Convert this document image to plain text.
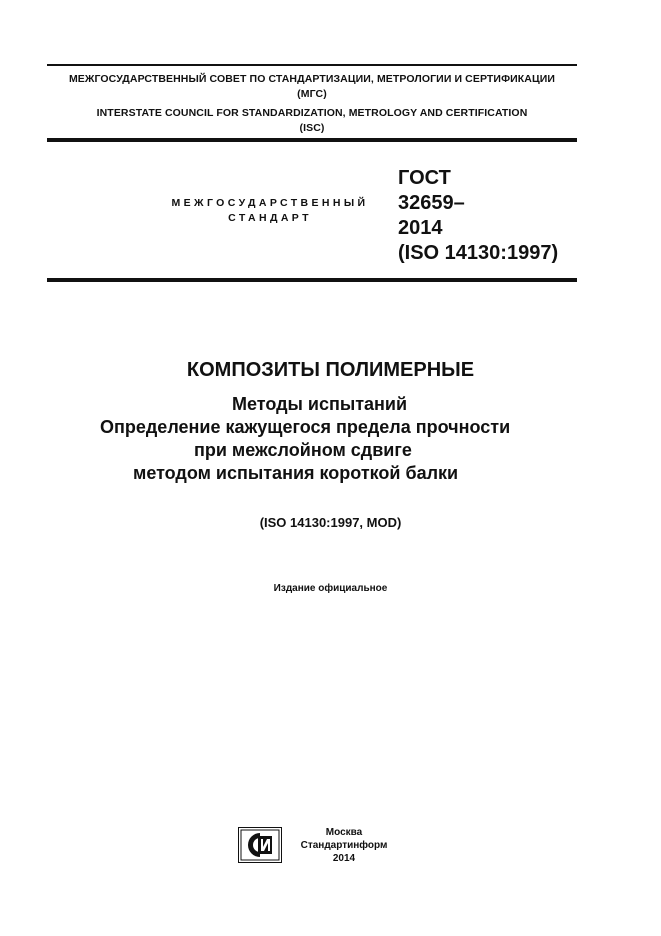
МЕЖГОСУДАРСТВЕННЫЙ СОВЕТ ПО СТАНДАРТИЗАЦИИ, МЕТРОЛОГИИ И СЕРТИФИКАЦИИ
(МГС)
INTERSTATE COUNCIL FOR STANDARDIZATION, METROLOGY AND CERTIFICATION
(ISC)
МЕЖГОСУДАРСТВЕННЫЙ
СТАНДАРТ
ГОСТ
32659–
2014
(ISO 14130:1997)
КОМПОЗИТЫ ПОЛИМЕРНЫЕ
Методы испытаний
Определение кажущегося предела прочности
при межслойном сдвиге
методом испытания короткой балки
(ISO 14130:1997, MOD)
Издание официальное
Москва
Стандартинформ
2014
